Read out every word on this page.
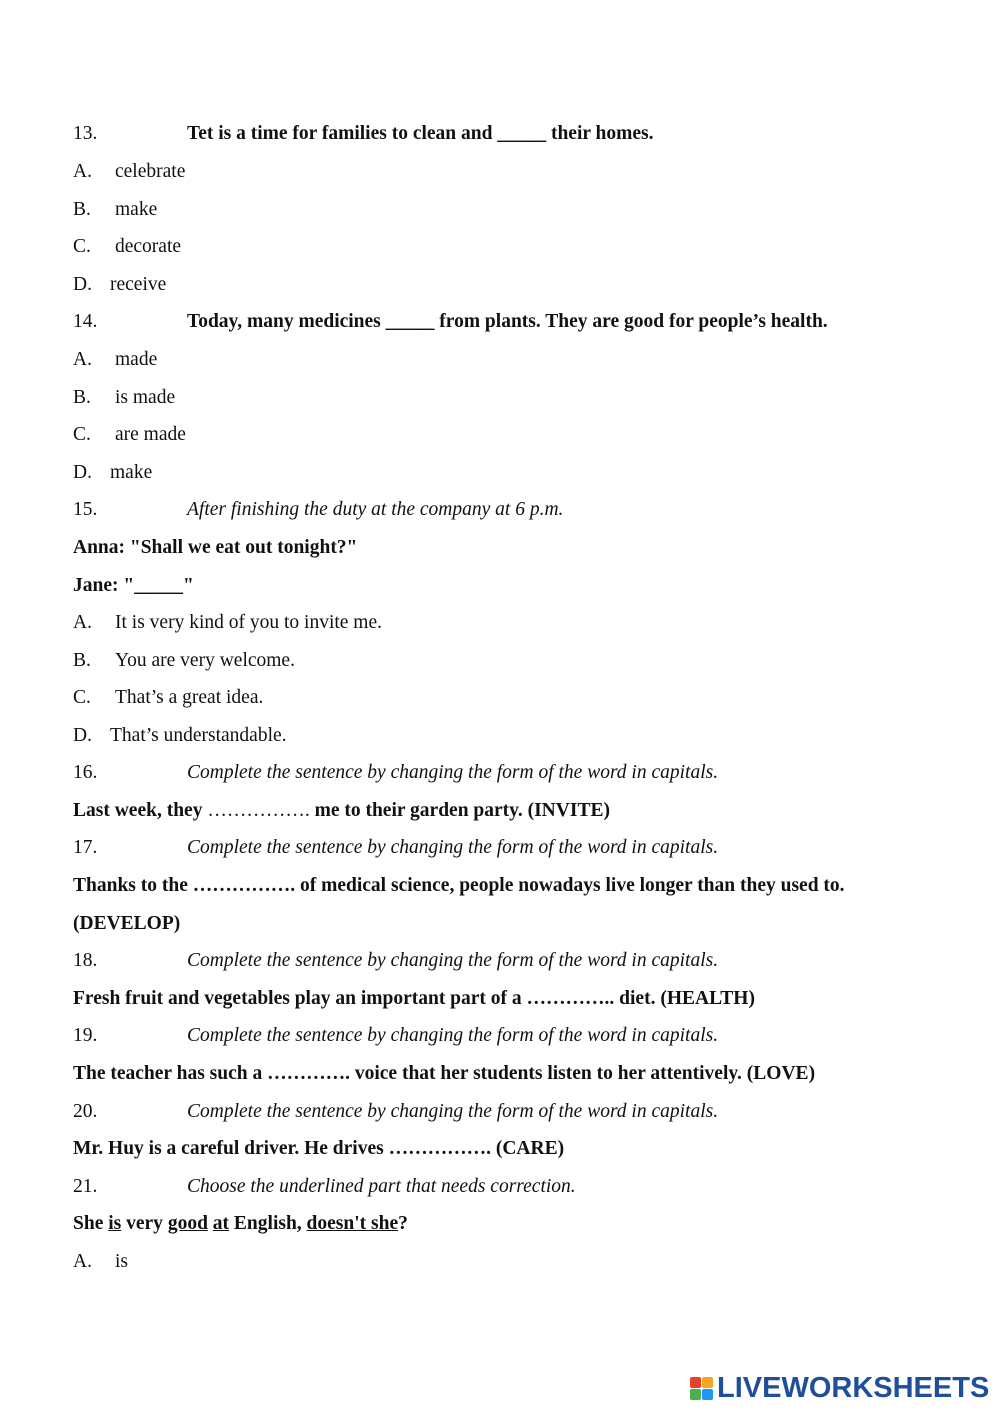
13.	Tet is a time for families to clean and _____ their homes.
A. celebrate
B. make
C. decorate
D. receive
14.	Today, many medicines _____ from plants. They are good for people’s health.
A. made
B. is made
C. are made
D. make
15.	After finishing the duty at the company at 6 p.m.
Anna: "Shall we eat out tonight?"
Jane: "_____"
A. It is very kind of you to invite me.
B. You are very welcome.
C. That’s a great idea.
D. That’s understandable.
16.	Complete the sentence by changing the form of the word in capitals.
Last week, they ……………. me to their garden party. (INVITE)
17.	Complete the sentence by changing the form of the word in capitals.
Thanks to the ……………. of medical science, people nowadays live longer than they used to.
(DEVELOP)
18.	Complete the sentence by changing the form of the word in capitals.
Fresh fruit and vegetables play an important part of a ………….. diet. (HEALTH)
19.	Complete the sentence by changing the form of the word in capitals.
The teacher has such a …………. voice that her students listen to her attentively. (LOVE)
20.	Complete the sentence by changing the form of the word in capitals.
Mr. Huy is a careful driver. He drives ……………. (CARE)
21.	Choose the underlined part that needs correction.
She is very good at English, doesn't she?
A. is
LIVEWORKSHEETS
